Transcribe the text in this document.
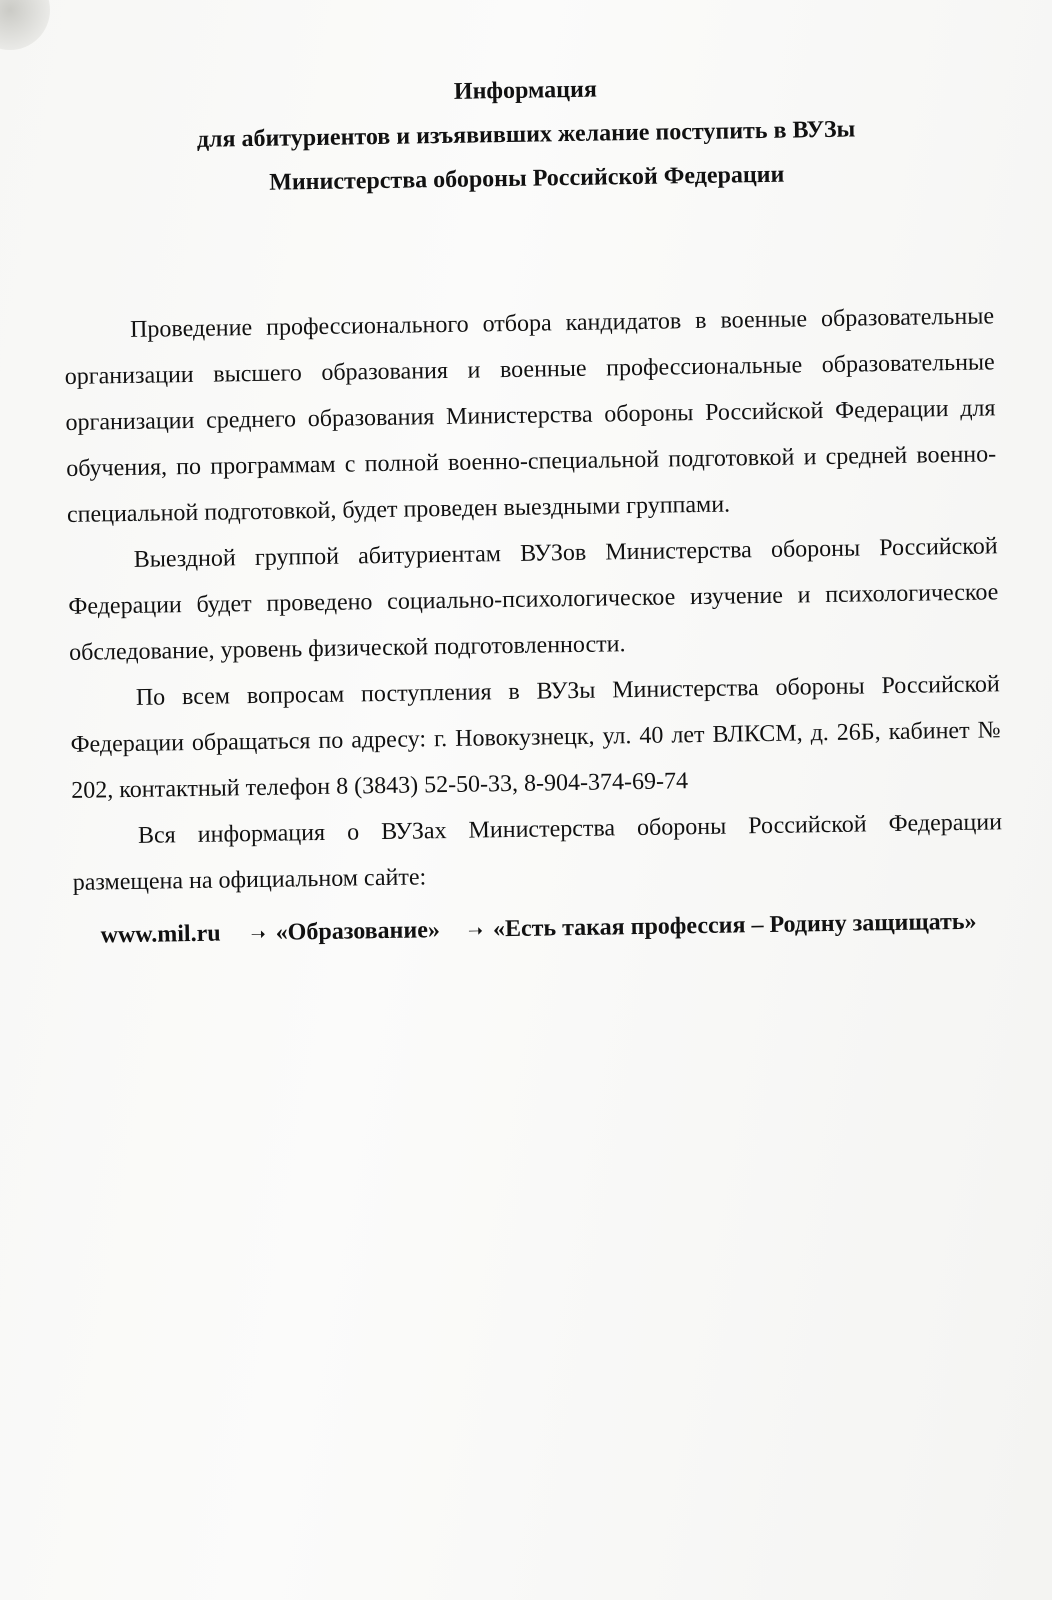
Информация

для абитуриентов и изъявивших желание поступить в ВУЗы

Министерства обороны Российской Федерации

Проведение профессионального отбора кандидатов в военные образовательные организации высшего образования и военные профессиональные образовательные организации среднего образования Министерства обороны Российской Федерации для обучения, по программам с полной военно-специальной подготовкой и средней военно-специальной подготовкой, будет проведен выездными группами.

Выездной группой абитуриентам ВУЗов Министерства обороны Российской Федерации будет проведено социально-психологическое изучение и психологическое обследование, уровень физической подготовленности.

По всем вопросам поступления в ВУЗы Министерства обороны Российской Федерации обращаться по адресу: г. Новокузнецк, ул. 40 лет ВЛКСМ, д. 26Б, кабинет № 202, контактный телефон 8 (3843) 52-50-33, 8-904-374-69-74

Вся информация о ВУЗах Министерства обороны Российской Федерации размещена на официальном сайте:

www.mil.ru ➝ «Образование» ➝ «Есть такая профессия – Родину защищать»
